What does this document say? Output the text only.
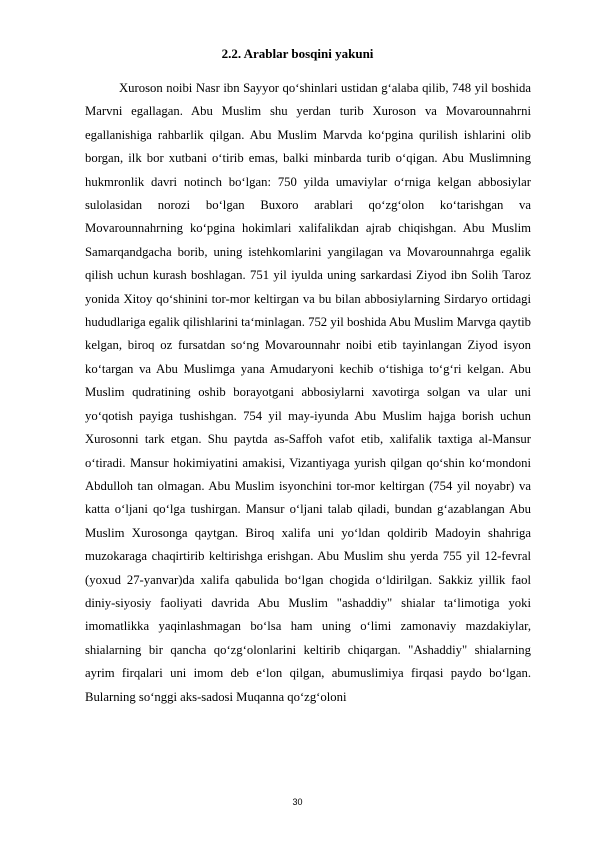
2.2. Arablar bosqini yakuni

Xuroson noibi Nasr ibn Sayyor qo‘shinlari ustidan g‘alaba qilib, 748 yil boshida Marvni egallagan. Abu Muslim shu yerdan turib Xuroson va Movarounnahrni egallanishiga rahbarlik qilgan. Abu Muslim Marvda ko‘pgina qurilish ishlarini olib borgan, ilk bor xutbani o‘tirib emas, balki minbarda turib o‘qigan. Abu Muslimning hukmronlik davri notinch bo‘lgan: 750 yilda umaviylar o‘rniga kelgan abbosiylar sulolasidan norozi bo‘lgan Buxoro arablari qo‘zg‘olon ko‘tarishgan va Movarounnahrning ko‘pgina hokimlari xalifalikdan ajrab chiqishgan. Abu Muslim Samarqandgacha borib, uning istehkomlarini yangilagan va Movarounnahrga egalik qilish uchun kurash boshlagan. 751 yil iyulda uning sarkardasi Ziyod ibn Solih Taroz yonida Xitoy qo‘shinini tor-mor keltirgan va bu bilan abbosiylarning Sirdaryo ortidagi hududlariga egalik qilishlarini ta‘minlagan. 752 yil boshida Abu Muslim Marvga qaytib kelgan, biroq oz fursatdan so‘ng Movarounnahr noibi etib tayinlangan Ziyod isyon ko‘targan va Abu Muslimga yana Amudaryoni kechib o‘tishiga to‘g‘ri kelgan. Abu Muslim qudratining oshib borayotgani abbosiylarni xavotirga solgan va ular uni yo‘qotish payiga tushishgan. 754 yil may-iyunda Abu Muslim hajga borish uchun Xurosonni tark etgan. Shu paytda as-Saffoh vafot etib, xalifalik taxtiga al-Mansur o‘tiradi. Mansur hokimiyatini amakisi, Vizantiyaga yurish qilgan qo‘shin ko‘mondoni Abdulloh tan olmagan. Abu Muslim isyonchini tor-mor keltirgan (754 yil noyabr) va katta o‘ljani qo‘lga tushirgan. Mansur o‘ljani talab qiladi, bundan g‘azablangan Abu Muslim Xurosonga qaytgan. Biroq xalifa uni yo‘ldan qoldirib Madoyin shahriga muzokaraga chaqirtirib keltirishga erishgan. Abu Muslim shu yerda 755 yil 12-fevral (yoxud 27-yanvar)da xalifa qabulida bo‘lgan chogida o‘ldirilgan. Sakkiz yillik faol diniy-siyosiy faoliyati davrida Abu Muslim "ashaddiy" shialar ta‘limotiga yoki imomatlikka yaqinlashmagan bo‘lsa ham uning o‘limi zamonaviy mazdakiylar, shialarning bir qancha qo‘zg‘olonlarini keltirib chiqargan. "Ashaddiy" shialarning ayrim firqalari uni imom deb e‘lon qilgan, abumuslimiya firqasi paydo bo‘lgan. Bularning so‘nggi aks-sadosi Muqanna qo‘zg‘oloni

30
